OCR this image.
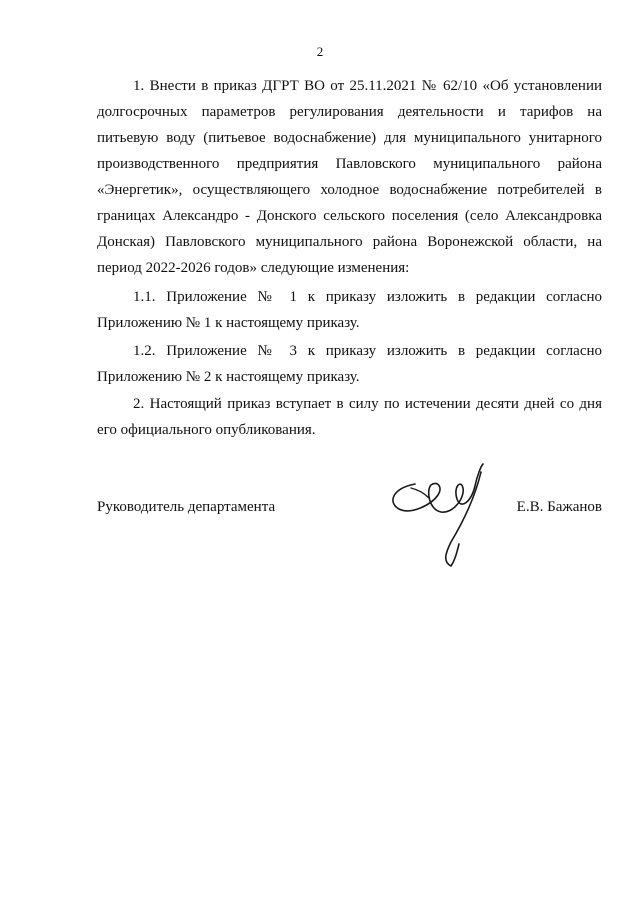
2

1. Внести в приказ ДГРТ ВО от 25.11.2021 № 62/10 «Об установлении долгосрочных параметров регулирования деятельности и тарифов на питьевую воду (питьевое водоснабжение) для муниципального унитарного производственного предприятия Павловского муниципального района «Энергетик», осуществляющего холодное водоснабжение потребителей в границах Александро - Донского сельского поселения (село Александровка Донская) Павловского муниципального района Воронежской области, на период 2022-2026 годов» следующие изменения:

1.1. Приложение № 1 к приказу изложить в редакции согласно Приложению № 1 к настоящему приказу.

1.2. Приложение № 3 к приказу изложить в редакции согласно Приложению № 2 к настоящему приказу.

2. Настоящий приказ вступает в силу по истечении десяти дней со дня его официального опубликования.

Руководитель департамента	Е.В. Бажанов
